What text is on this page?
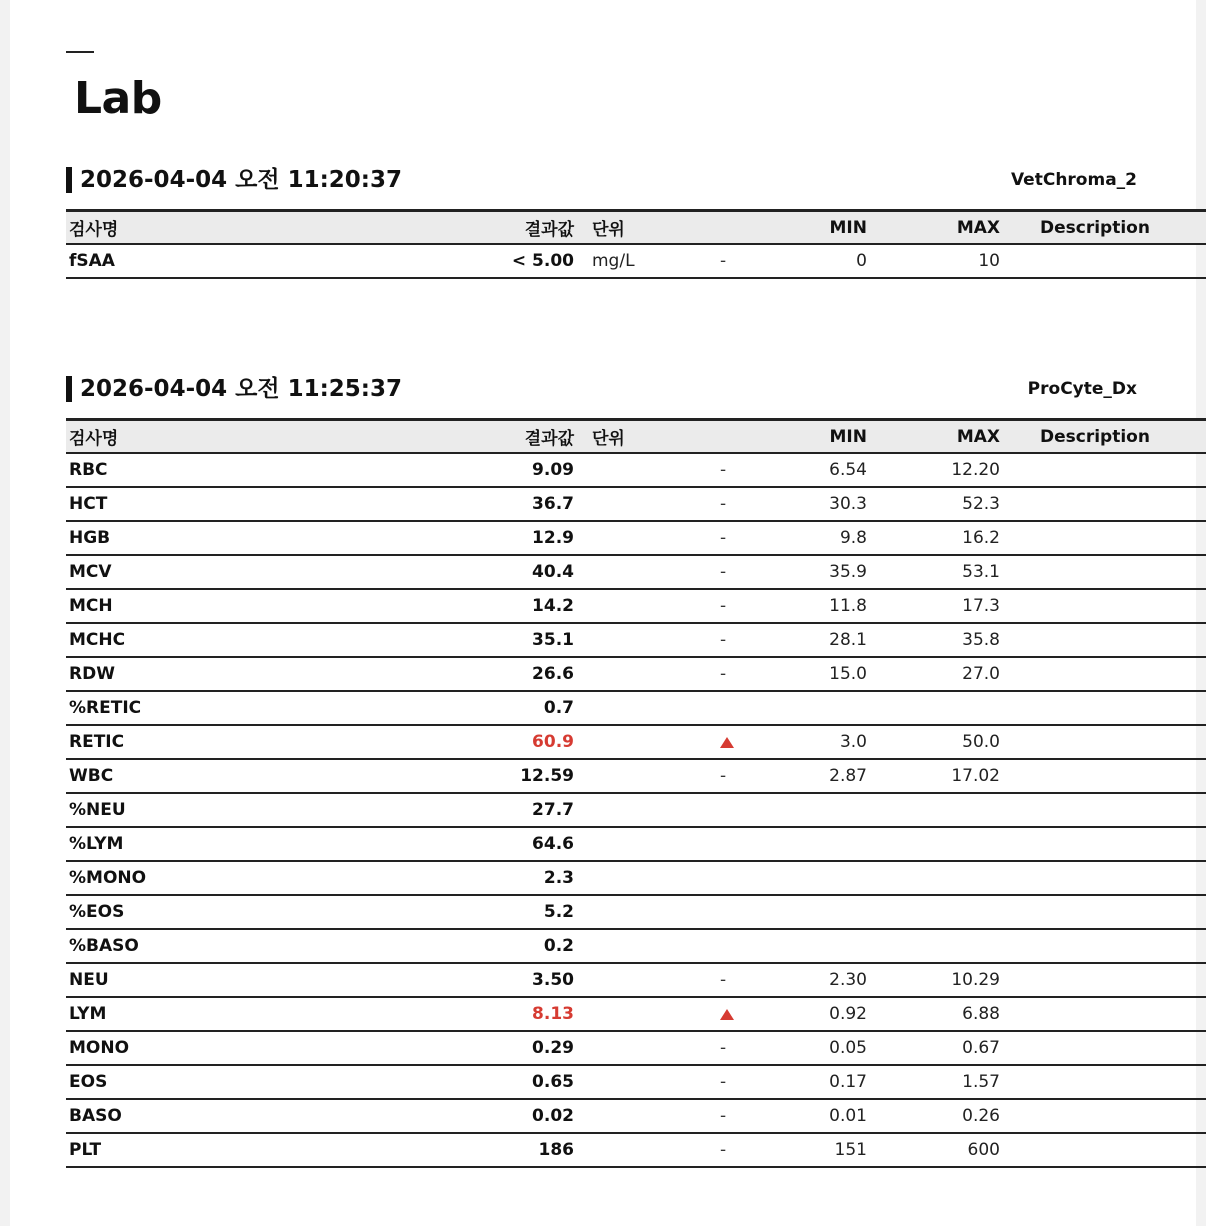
Lab
2026-04-04 오전 11:20:37	VetChroma_2
검사명	결과값	단위		MIN	MAX	Description
fSAA	< 5.00	mg/L	-	0	10	
2026-04-04 오전 11:25:37	ProCyte_Dx
검사명	결과값	단위		MIN	MAX	Description
RBC	9.09		-	6.54	12.20	
HCT	36.7		-	30.3	52.3	
HGB	12.9		-	9.8	16.2	
MCV	40.4		-	35.9	53.1	
MCH	14.2		-	11.8	17.3	
MCHC	35.1		-	28.1	35.8	
RDW	26.6		-	15.0	27.0	
%RETIC	0.7					
RETIC	60.9			3.0	50.0	
WBC	12.59		-	2.87	17.02	
%NEU	27.7					
%LYM	64.6					
%MONO	2.3					
%EOS	5.2					
%BASO	0.2					
NEU	3.50		-	2.30	10.29	
LYM	8.13			0.92	6.88	
MONO	0.29		-	0.05	0.67	
EOS	0.65		-	0.17	1.57	
BASO	0.02		-	0.01	0.26	
PLT	186		-	151	600	
